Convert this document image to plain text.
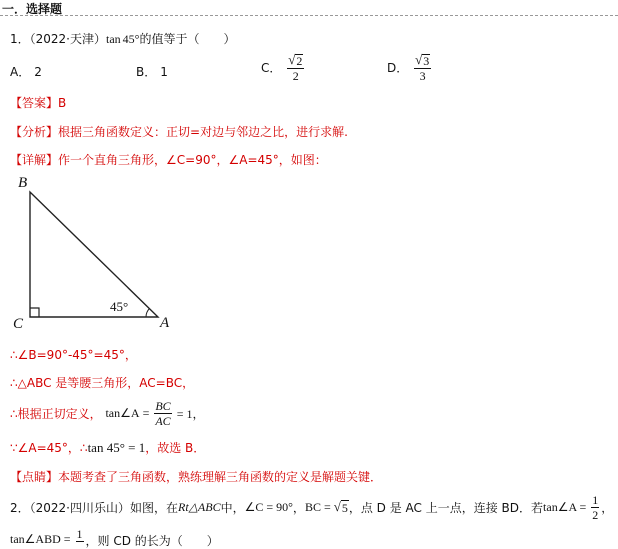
一．选择题
1．（2022·天津）tan 45°的值等于（　　）
A． 2	B． 1	C． $\frac{√ 2}{2}$	D． $\frac{√ 3}{3}$
【答案】B
【分析】根据三角函数定义：正切=对边与邻边之比，进行求解.
【详解】作一个直角三角形，∠C=90°，∠A=45°，如图：
B
C	A
45°
∴∠B=90°-45°=45°，
∴△ABC 是等腰三角形，AC=BC，
∴根据正切定义， tan∠A = $\frac{BC}{AC} = 1$，
∵∠A=45°，∴tan 45° = 1，故选 B．
【点睛】本题考查了三角函数，熟练理解三角函数的定义是解题关键．
2．（2022·四川乐山）如图，在Rt△ABC中，∠C = 90°，BC = √ 5 ，点 D 是 AC 上一点，连接 BD．若tan∠A = $\frac{1}{2}$ ，
tan∠ABD = 1 ，则 CD 的长为（　　）
